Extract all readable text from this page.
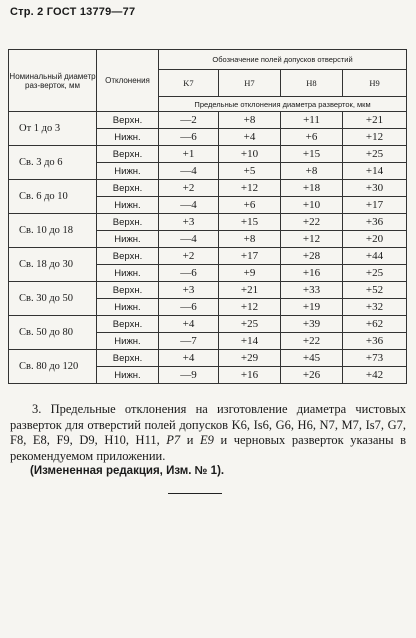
Стр. 2 ГОСТ 13779—77
Номинальный диаметр раз-верток, мм	Отклонения	Обозначение полей допусков отверстий			
		K7	H7	H8	H9
		Предельные отклонения диаметра разверток, мкм			
От 1 до 3	Верхн.	—2	+8	+11	+21
	Нижн.	—6	+4	+6	+12
Св. 3 до 6	Верхн.	+1	+10	+15	+25
	Нижн.	—4	+5	+8	+14
Св. 6 до 10	Верхн.	+2	+12	+18	+30
	Нижн.	—4	+6	+10	+17
Св. 10 до 18	Верхн.	+3	+15	+22	+36
	Нижн.	—4	+8	+12	+20
Св. 18 до 30	Верхн.	+2	+17	+28	+44
	Нижн.	—6	+9	+16	+25
Св. 30 до 50	Верхн.	+3	+21	+33	+52
	Нижн.	—6	+12	+19	+32
Св. 50 до 80	Верхн.	+4	+25	+39	+62
	Нижн.	—7	+14	+22	+36
Св. 80 до 120	Верхн.	+4	+29	+45	+73
	Нижн.	—9	+16	+26	+42

3. Предельные отклонения на изготовление диаметра чистовых разверток для отверстий полей допусков K6, Is6, G6, H6, N7, M7, Is7, G7, F8, E8, F9, D9, H10, H11, P7 и E9 и черновых разверток указаны в рекомендуемом приложении.

(Измененная редакция, Изм. № 1).
